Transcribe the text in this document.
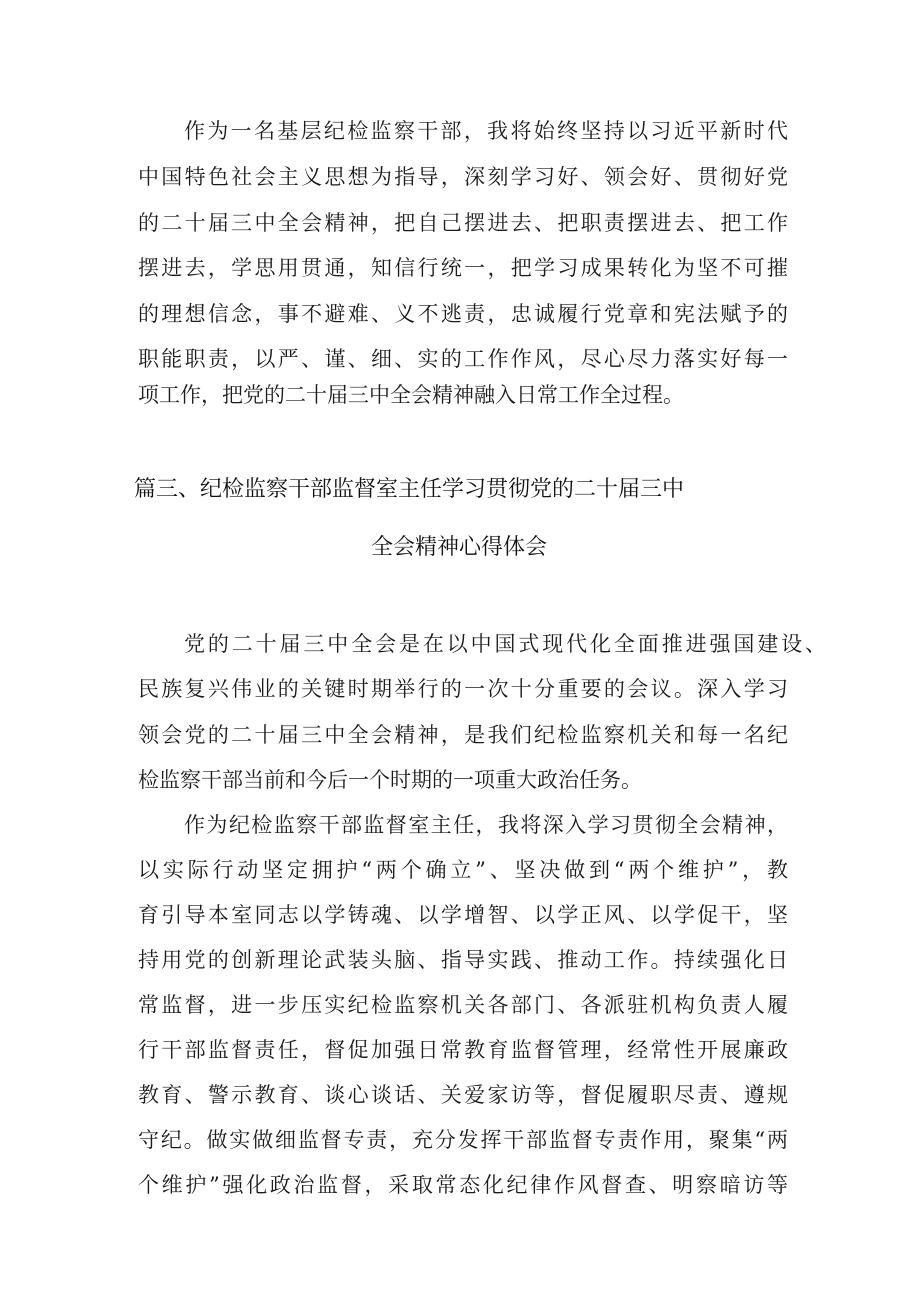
作为一名基层纪检监察干部，我将始终坚持以习近平新时代
中国特色社会主义思想为指导，深刻学习好、领会好、贯彻好党
的二十届三中全会精神，把自己摆进去、把职责摆进去、把工作
摆进去，学思用贯通，知信行统一，把学习成果转化为坚不可摧
的理想信念，事不避难、义不逃责，忠诚履行党章和宪法赋予的
职能职责，以严、谨、细、实的工作作风，尽心尽力落实好每一
项工作，把党的二十届三中全会精神融入日常工作全过程。
篇三、纪检监察干部监督室主任学习贯彻党的二十届三中
全会精神心得体会
党的二十届三中全会是在以中国式现代化全面推进强国建设、
民族复兴伟业的关键时期举行的一次十分重要的会议。深入学习
领会党的二十届三中全会精神，是我们纪检监察机关和每一名纪
检监察干部当前和今后一个时期的一项重大政治任务。
作为纪检监察干部监督室主任，我将深入学习贯彻全会精神，
以实际行动坚定拥护“两个确立”、坚决做到“两个维护”，教
育引导本室同志以学铸魂、以学增智、以学正风、以学促干，坚
持用党的创新理论武装头脑、指导实践、推动工作。持续强化日
常监督，进一步压实纪检监察机关各部门、各派驻机构负责人履
行干部监督责任，督促加强日常教育监督管理，经常性开展廉政
教育、警示教育、谈心谈话、关爱家访等，督促履职尽责、遵规
守纪。做实做细监督专责，充分发挥干部监督专责作用，聚集“两
个维护”强化政治监督，采取常态化纪律作风督查、明察暗访等
